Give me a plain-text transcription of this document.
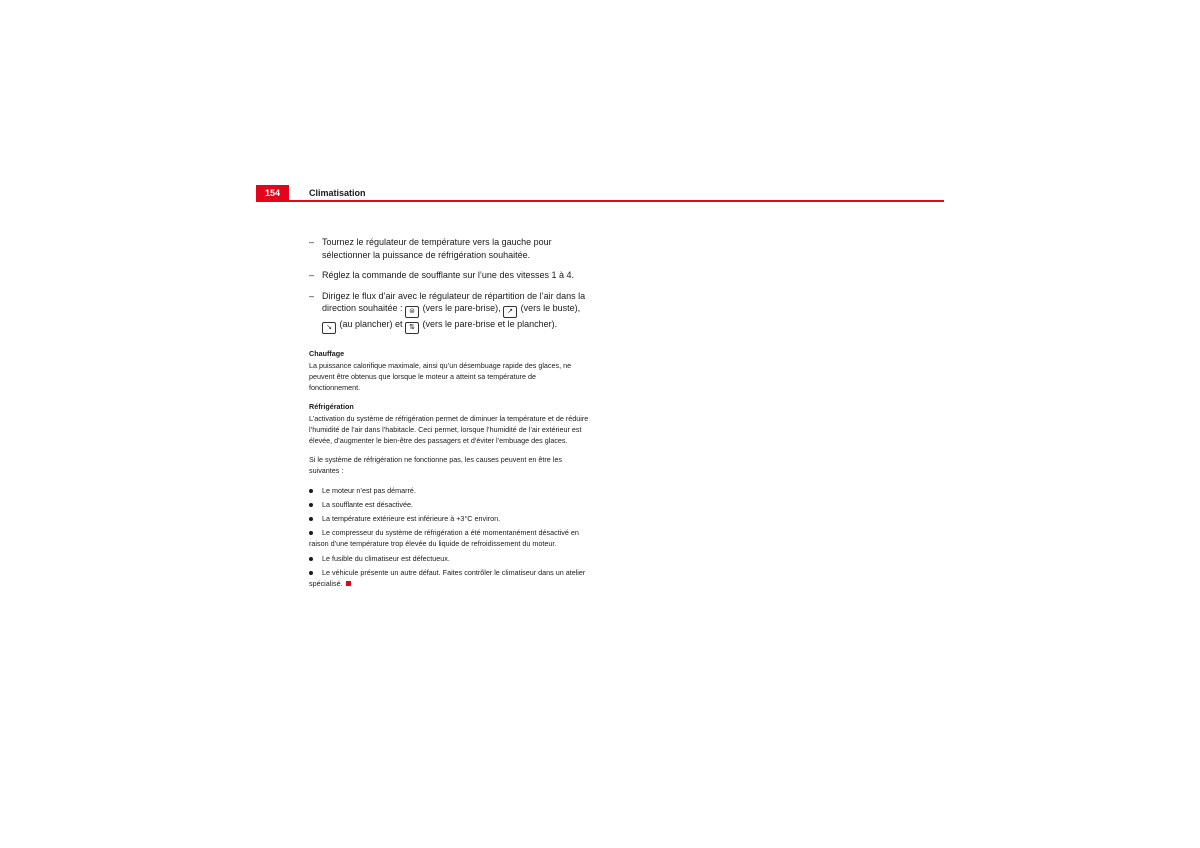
154	Climatisation
– Tournez le régulateur de température vers la gauche pour sélectionner la puissance de réfrigération souhaitée.
– Réglez la commande de soufflante sur l’une des vitesses 1 à 4.
– Dirigez le flux d’air avec le régulateur de répartition de l’air dans la direction souhaitée : ⊜ (vers le pare-brise), ↗ (vers le buste), ↘ (au plancher) et ⇅ (vers le pare-brise et le plancher).
Chauffage

La puissance calorifique maximale, ainsi qu’un désembuage rapide des glaces, ne peuvent être obtenus que lorsque le moteur a atteint sa température de fonctionnement.

Réfrigération

L’activation du système de réfrigération permet de diminuer la température et de réduire l’humidité de l’air dans l’habitacle. Ceci permet, lorsque l’humidité de l’air extérieur est élevée, d’augmenter le bien-être des passagers et d’éviter l’embuage des glaces.

Si le système de réfrigération ne fonctionne pas, les causes peuvent en être les suivantes :

Le moteur n’est pas démarré.
La soufflante est désactivée.
La température extérieure est inférieure à +3°C environ.
Le compresseur du système de réfrigération a été momentanément désactivé en raison d’une température trop élevée du liquide de refroidissement du moteur.
Le fusible du climatiseur est défectueux.
Le véhicule présente un autre défaut. Faites contrôler le climatiseur dans un atelier spécialisé.
